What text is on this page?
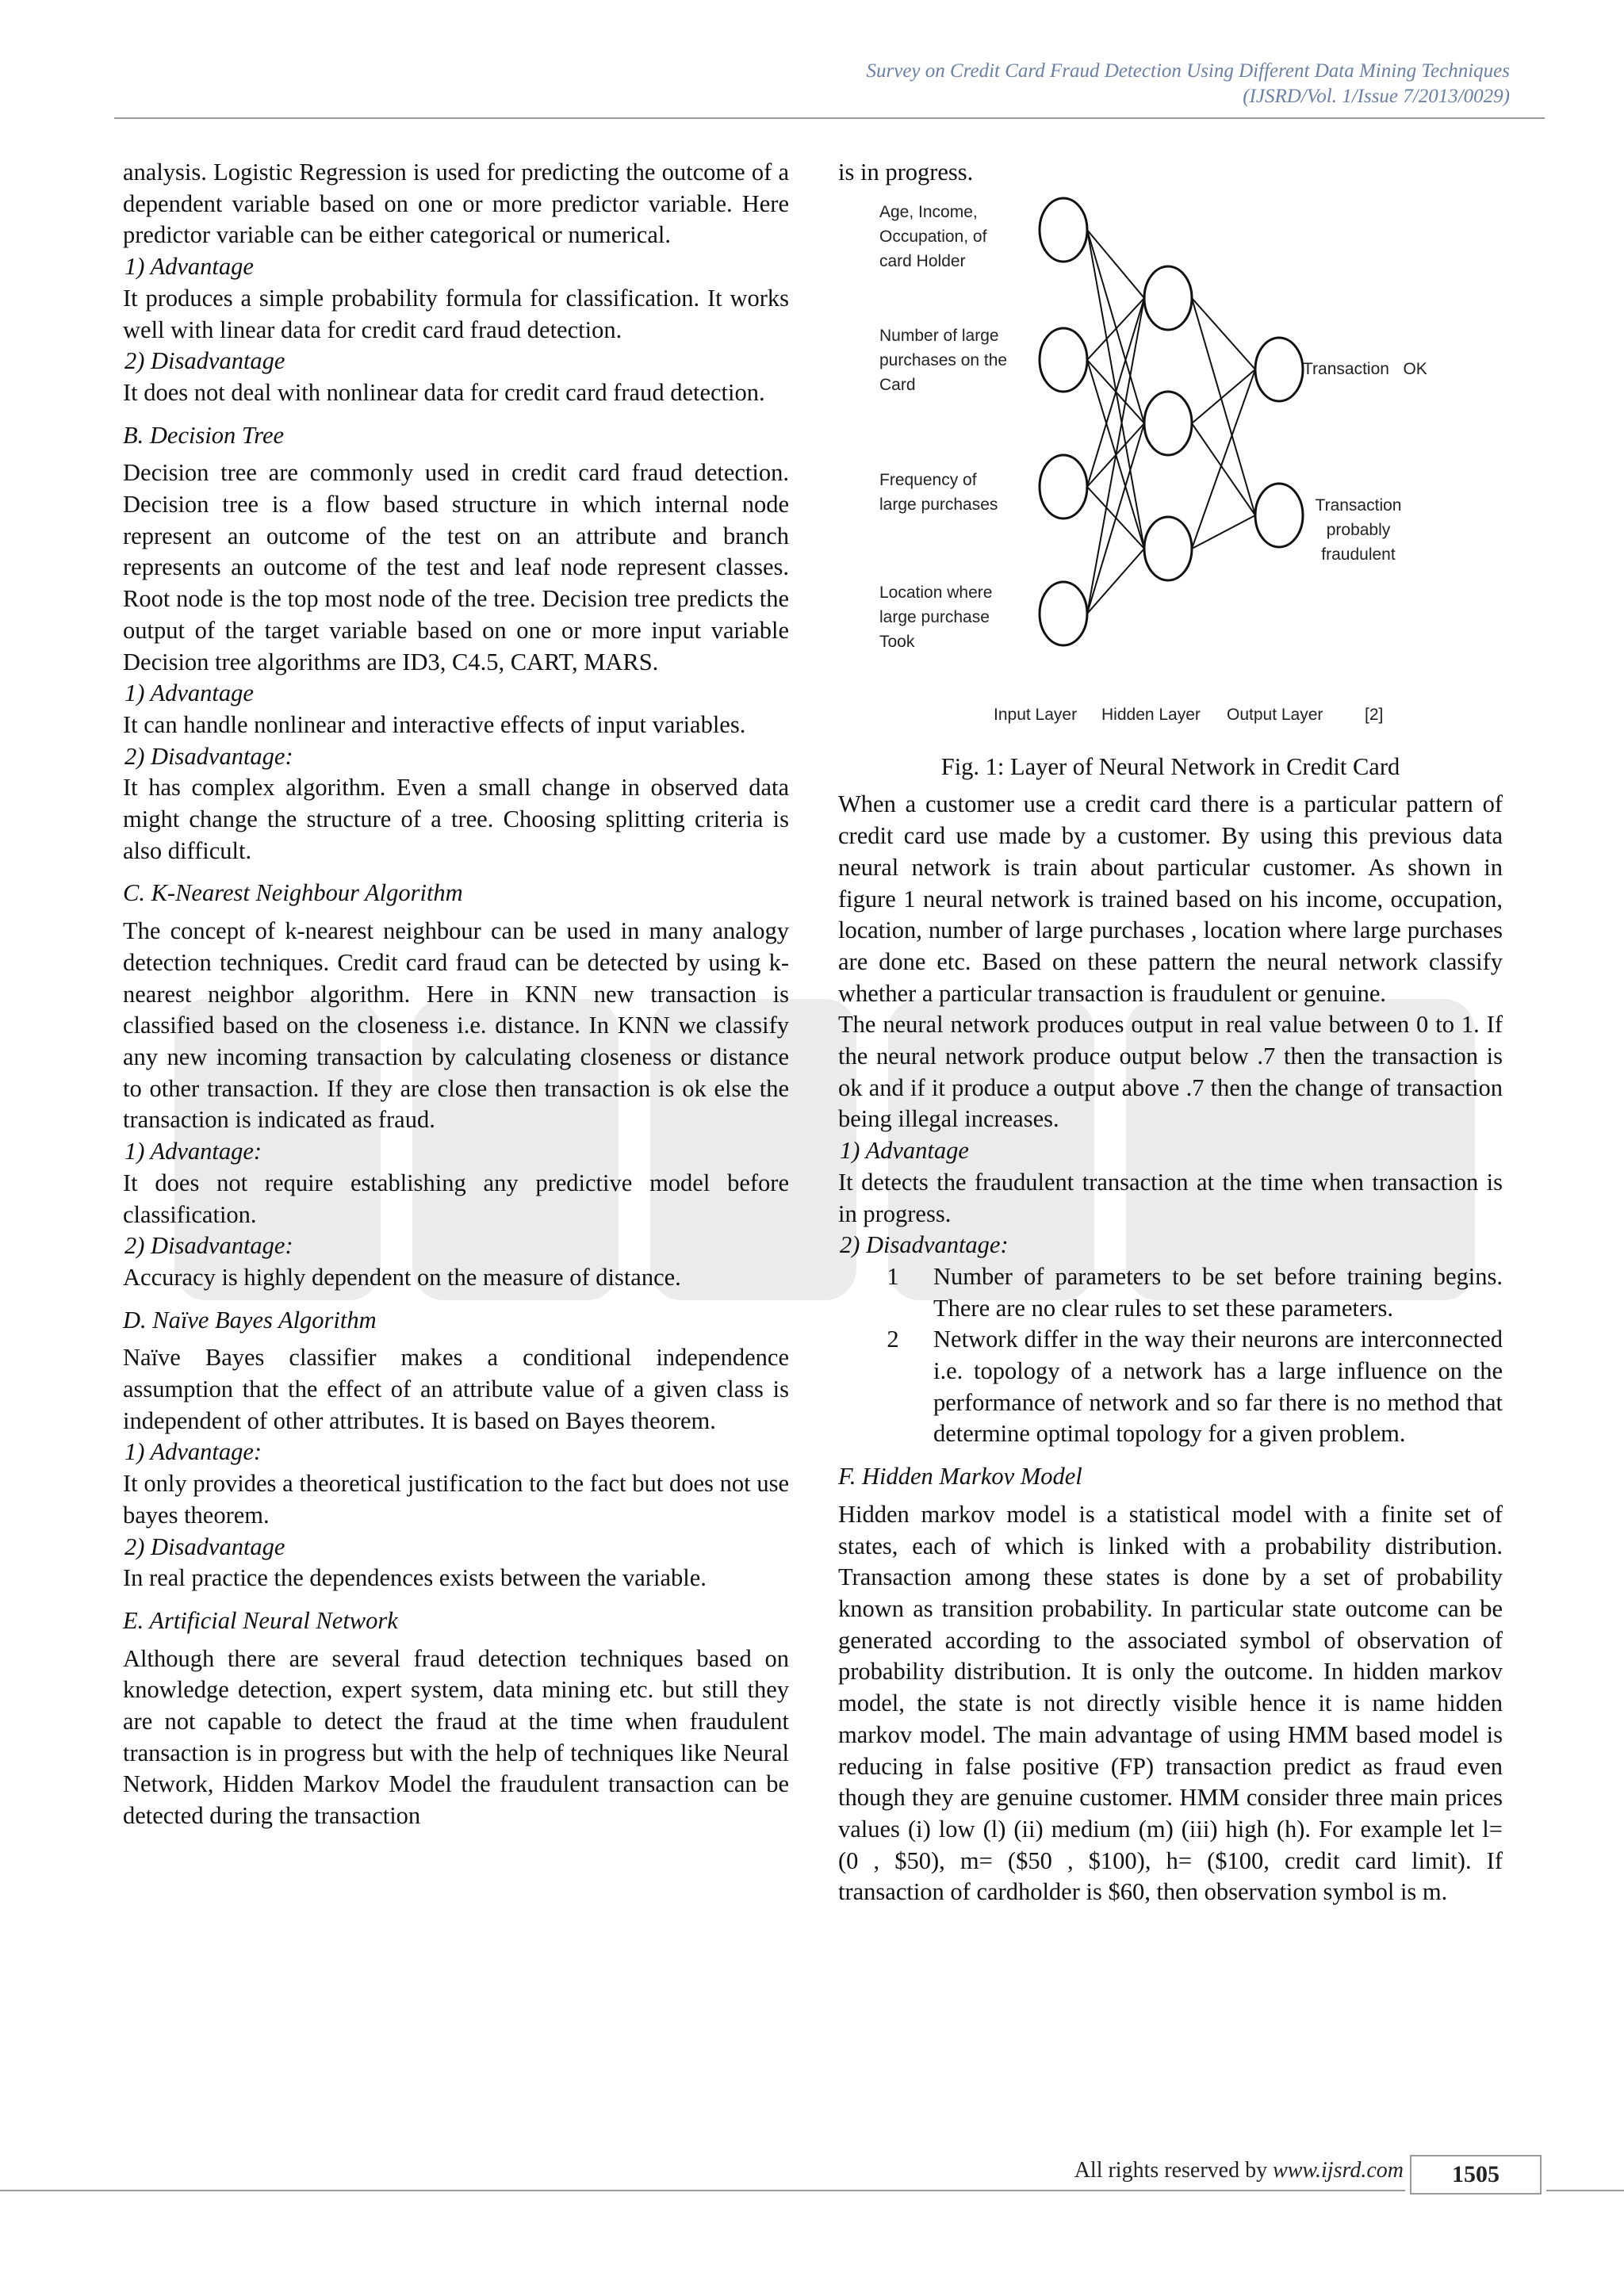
Survey on Credit Card Fraud Detection Using Different Data Mining Techniques
(IJSRD/Vol. 1/Issue 7/2013/0029)

analysis. Logistic Regression is used for predicting the outcome of a dependent variable based on one or more predictor variable. Here predictor variable can be either categorical or numerical.

1) Advantage

It produces a simple probability formula for classification. It works well with linear data for credit card fraud detection.

2) Disadvantage

It does not deal with nonlinear data for credit card fraud detection.

B. Decision Tree

Decision tree are commonly used in credit card fraud detection. Decision tree is a flow based structure in which internal node represent an outcome of the test on an attribute and branch represents an outcome of the test and leaf node represent classes. Root node is the top most node of the tree. Decision tree predicts the output of the target variable based on one or more input variable Decision tree algorithms are ID3, C4.5, CART, MARS.

1) Advantage

It can handle nonlinear and interactive effects of input variables.

2) Disadvantage:

It has complex algorithm. Even a small change in observed data might change the structure of a tree. Choosing splitting criteria is also difficult.

C. K-Nearest Neighbour Algorithm

The concept of k-nearest neighbour can be used in many analogy detection techniques. Credit card fraud can be detected by using k-nearest neighbor algorithm. Here in KNN new transaction is classified based on the closeness i.e. distance. In KNN we classify any new incoming transaction by calculating closeness or distance to other transaction. If they are close then transaction is ok else the transaction is indicated as fraud.

1) Advantage:

It does not require establishing any predictive model before classification.

2) Disadvantage:

Accuracy is highly dependent on the measure of distance.

D. Naïve Bayes Algorithm

Naïve Bayes classifier makes a conditional independence assumption that the effect of an attribute value of a given class is independent of other attributes. It is based on Bayes theorem.

1) Advantage:

It only provides a theoretical justification to the fact but does not use bayes theorem.

2) Disadvantage

In real practice the dependences exists between the variable.

E. Artificial Neural Network

Although there are several fraud detection techniques based on knowledge detection, expert system, data mining etc. but still they are not capable to detect the fraud at the time when fraudulent transaction is in progress but with the help of techniques like Neural Network, Hidden Markov Model the fraudulent transaction can be detected during the transaction

is in progress.

Age, Income,
Occupation, of
card Holder
Number of large
purchases on the
Card
Frequency of
large purchases
Location where
large purchase
Took
Transaction   OK
Transaction
probably
fraudulent
Input Layer Hidden Layer Output Layer	[2]

Fig. 1: Layer of Neural Network in Credit Card

When a customer use a credit card there is a particular pattern of credit card use made by a customer. By using this previous data neural network is train about particular customer. As shown in figure 1 neural network is trained based on his income, occupation, location, number of large purchases , location where large purchases are done etc. Based on these pattern the neural network classify whether a particular transaction is fraudulent or genuine.

The neural network produces output in real value between 0 to 1. If the neural network produce output below .7 then the transaction is ok and if it produce a output above .7 then the change of transaction being illegal increases.

1) Advantage

It detects the fraudulent transaction at the time when transaction is in progress.

2) Disadvantage:

1	Number of parameters to be set before training begins. There are no clear rules to set these parameters.
2	Network differ in the way their neurons are interconnected i.e. topology of a network has a large influence on the performance of network and so far there is no method that determine optimal topology for a given problem.

F. Hidden Markov Model

Hidden markov model is a statistical model with a finite set of states, each of which is linked with a probability distribution. Transaction among these states is done by a set of probability known as transition probability. In particular state outcome can be generated according to the associated symbol of observation of probability distribution. It is only the outcome. In hidden markov model, the state is not directly visible hence it is name hidden markov model. The main advantage of using HMM based model is reducing in false positive (FP) transaction predict as fraud even though they are genuine customer. HMM consider three main prices values (i) low (l) (ii) medium (m) (iii) high (h). For example let l= (0 , $50), m= ($50 , $100), h= ($100, credit card limit). If transaction of cardholder is $60, then observation symbol is m.

All rights reserved by www.ijsrd.com	1505
